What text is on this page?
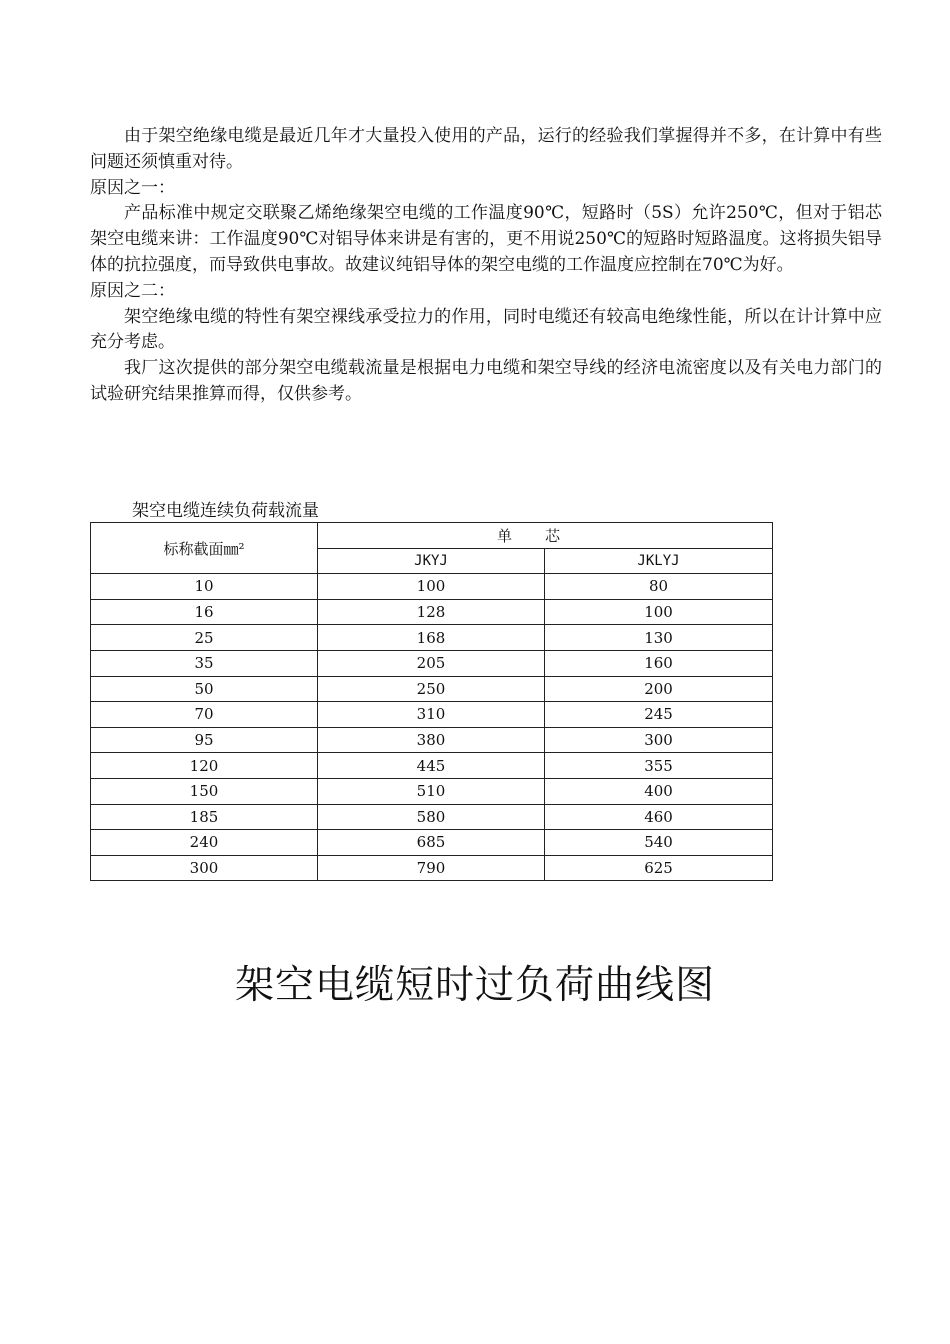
由于架空绝缘电缆是最近几年才大量投入使用的产品，运行的经验我们掌握得并不多，在计算中有些问题还须慎重对待。

原因之一：

产品标准中规定交联聚乙烯绝缘架空电缆的工作温度90℃，短路时（5S）允许250℃，但对于铝芯架空电缆来讲：工作温度90℃对铝导体来讲是有害的，更不用说250℃的短路时短路温度。这将损失铝导体的抗拉强度，而导致供电事故。故建议纯铝导体的架空电缆的工作温度应控制在70℃为好。

原因之二：

架空绝缘电缆的特性有架空裸线承受拉力的作用，同时电缆还有较高电绝缘性能，所以在计计算中应充分考虑。

我厂这次提供的部分架空电缆载流量是根据电力电缆和架空导线的经济电流密度以及有关电力部门的试验研究结果推算而得，仅供参考。

架空电缆连续负荷载流量
标称截面㎜²	单芯	
	JKYJ	JKLYJ
10	100	80
16	128	100
25	168	130
35	205	160
50	250	200
70	310	245
95	380	300
120	445	355
150	510	400
185	580	460
240	685	540
300	790	625
架空电缆短时过负荷曲线图
